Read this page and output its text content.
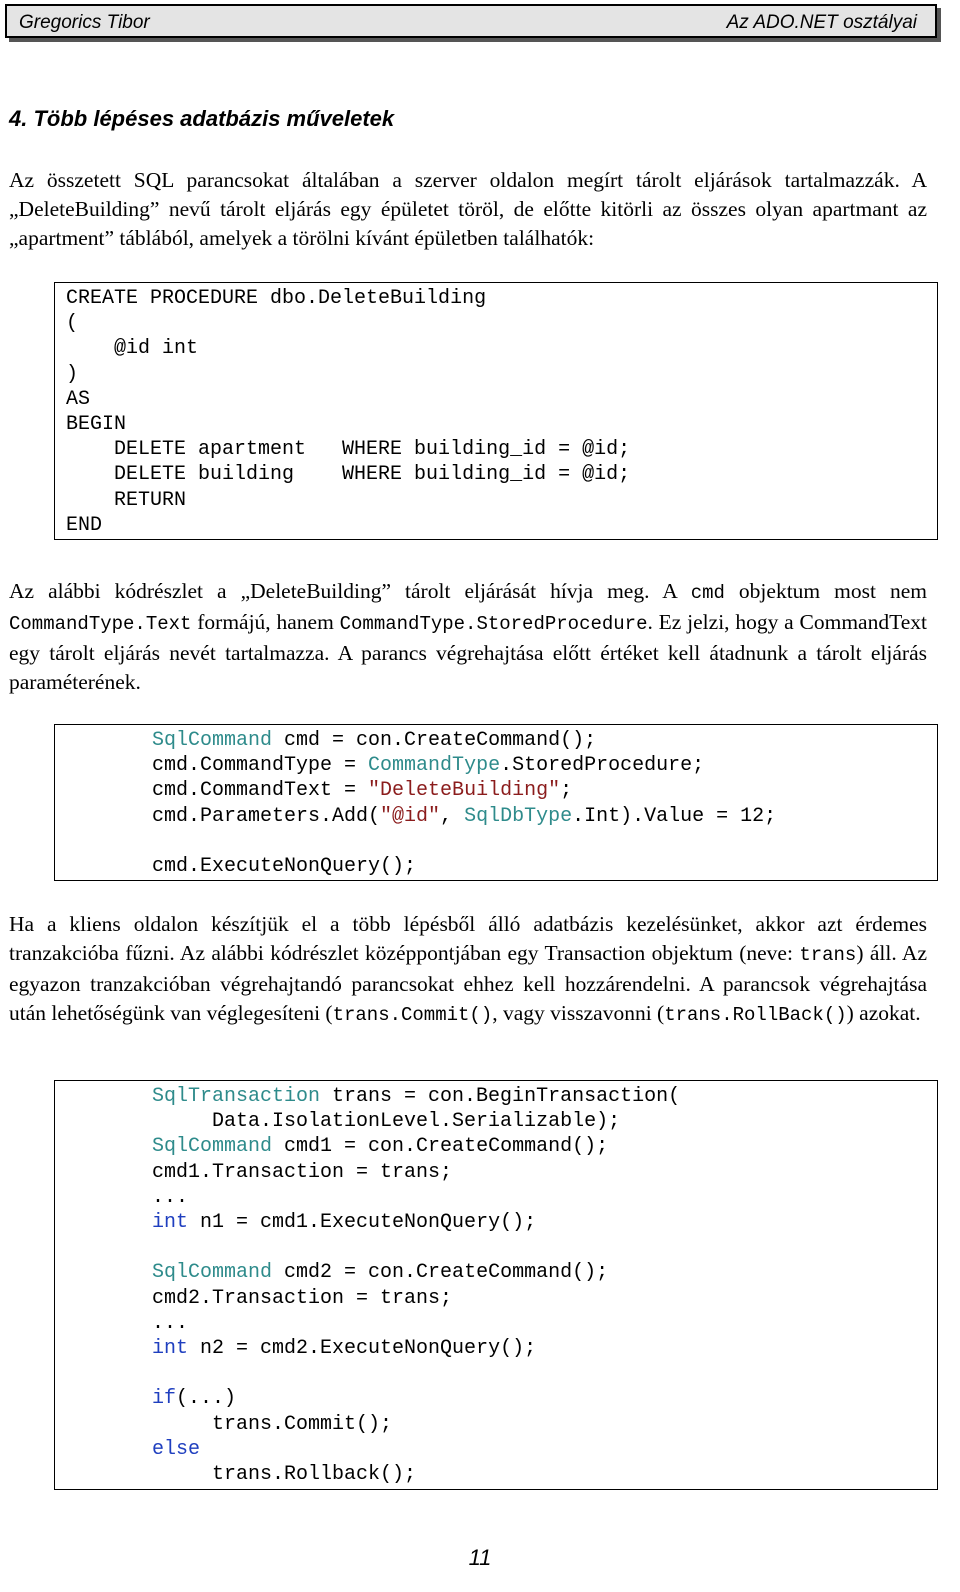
Gregorics Tibor	Az ADO.NET osztályai
4. Több lépéses adatbázis műveletek

Az összetett SQL parancsokat általában a szerver oldalon megírt tárolt eljárások tartalmazzák. A „DeleteBuilding” nevű tárolt eljárás egy épületet töröl, de előtte kitörli az összes olyan apartmant az „apartment” táblából, amelyek a törölni kívánt épületben találhatók:

CREATE PROCEDURE dbo.DeleteBuilding
(
@id int
)
AS
BEGIN
DELETE apartment   WHERE building_id = @id;
DELETE building    WHERE building_id = @id;
RETURN
END

Az alábbi kódrészlet a „DeleteBuilding” tárolt eljárását hívja meg. A cmd objektum most nem CommandType.Text formájú, hanem CommandType.StoredProcedure. Ez jelzi, hogy a CommandText egy tárolt eljárás nevét tartalmazza. A parancs végrehajtása előtt értéket kell átadnunk a tárolt eljárás paraméterének.

SqlCommand cmd = con.CreateCommand();
cmd.CommandType = CommandType.StoredProcedure;
cmd.CommandText = "DeleteBuilding";
cmd.Parameters.Add("@id", SqlDbType.Int).Value = 12;

cmd.ExecuteNonQuery();

Ha a kliens oldalon készítjük el a több lépésből álló adatbázis kezelésünket, akkor azt érdemes tranzakcióba fűzni. Az alábbi kódrészlet középpontjában egy Transaction objektum (neve: trans) áll. Az egyazon tranzakcióban végrehajtandó parancsokat ehhez kell hozzárendelni. A parancsok végrehajtása után lehetőségünk van véglegesíteni (trans.Commit(), vagy visszavonni (trans.RollBack()) azokat.

SqlTransaction trans = con.BeginTransaction(
Data.IsolationLevel.Serializable);
SqlCommand cmd1 = con.CreateCommand();
cmd1.Transaction = trans;
...
int n1 = cmd1.ExecuteNonQuery();

SqlCommand cmd2 = con.CreateCommand();
cmd2.Transaction = trans;
...
int n2 = cmd2.ExecuteNonQuery();

if(...)
trans.Commit();
else
trans.Rollback();
11
